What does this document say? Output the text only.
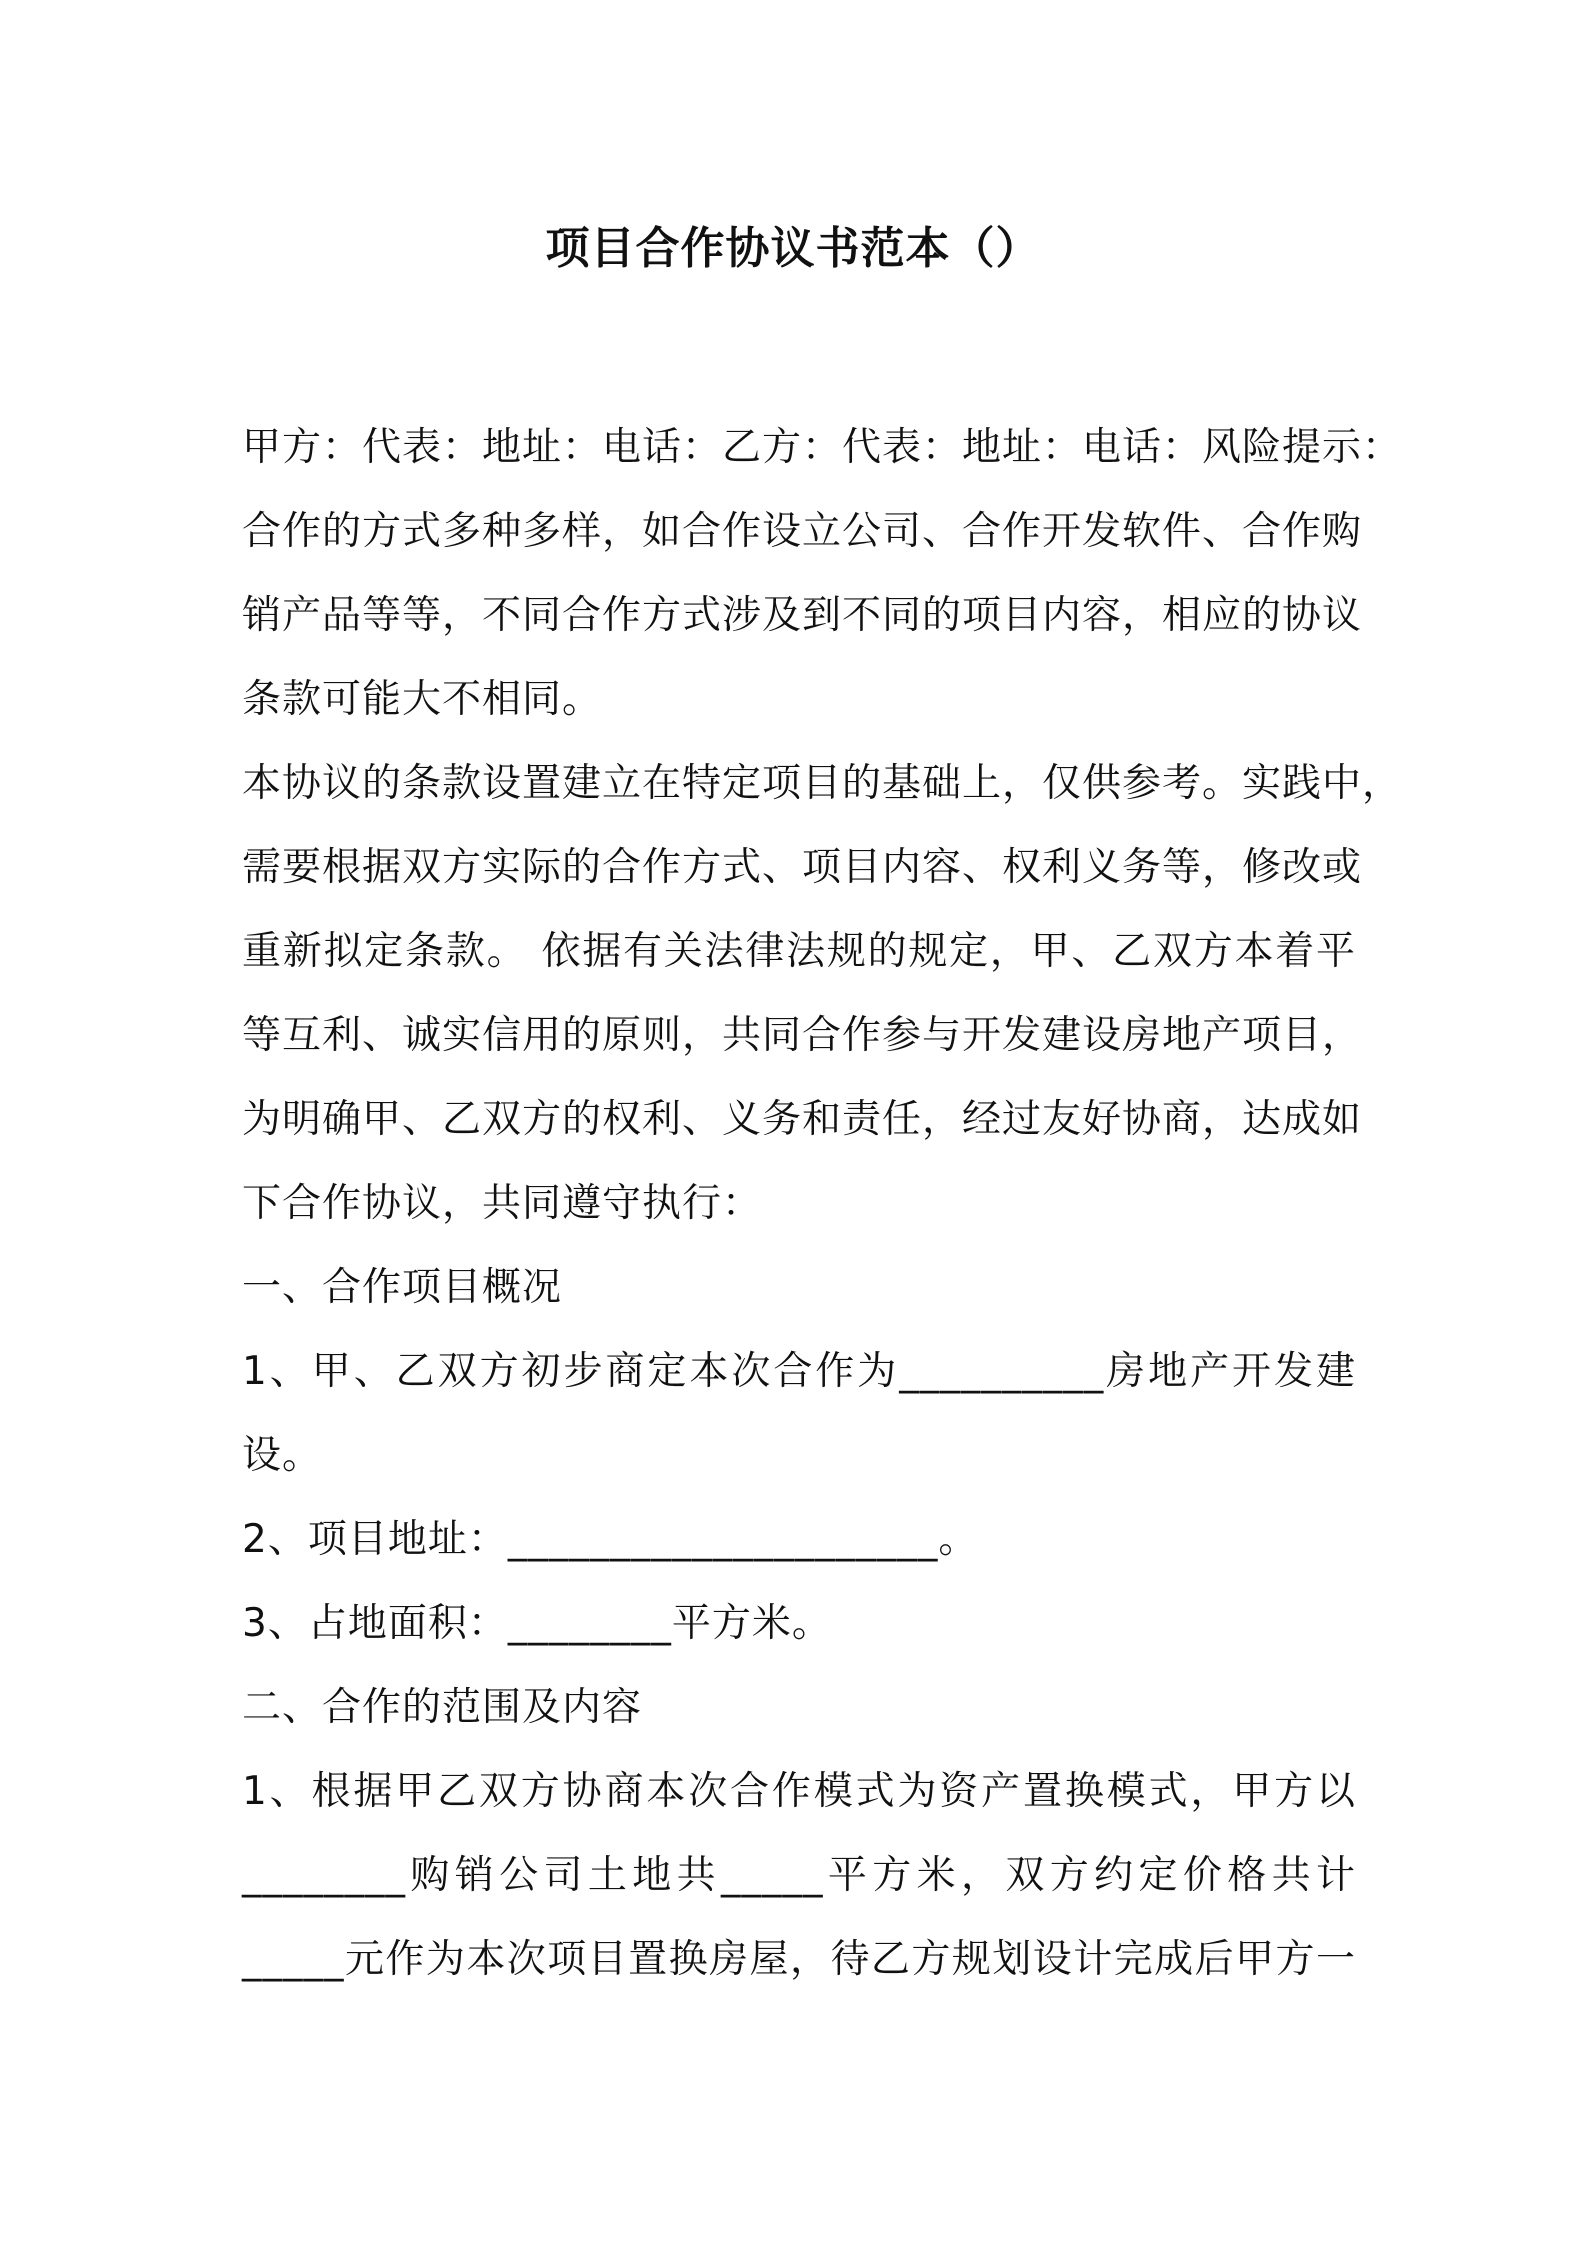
项目合作协议书范本（）
甲方：代表：地址：电话：乙方：代表：地址：电话：风险提示：
合作的方式多种多样，如合作设立公司、合作开发软件、合作购
销产品等等，不同合作方式涉及到不同的项目内容，相应的协议
条款可能大不相同。
本协议的条款设置建立在特定项目的基础上，仅供参考。实践中，
需要根据双方实际的合作方式、项目内容、权利义务等，修改或
重新拟定条款。 依据有关法律法规的规定，甲、乙双方本着平
等互利、诚实信用的原则，共同合作参与开发建设房地产项目，
为明确甲、乙双方的权利、义务和责任，经过友好协商，达成如
下合作协议，共同遵守执行：
一、合作项目概况
1、甲、乙双方初步商定本次合作为__________房地产开发建
设。
2、项目地址：_____________________。
3、占地面积：________平方米。
二、合作的范围及内容
1、根据甲乙双方协商本次合作模式为资产置换模式，甲方以
________购销公司土地共_____平方米，双方约定价格共计
_____元作为本次项目置换房屋，待乙方规划设计完成后甲方一
